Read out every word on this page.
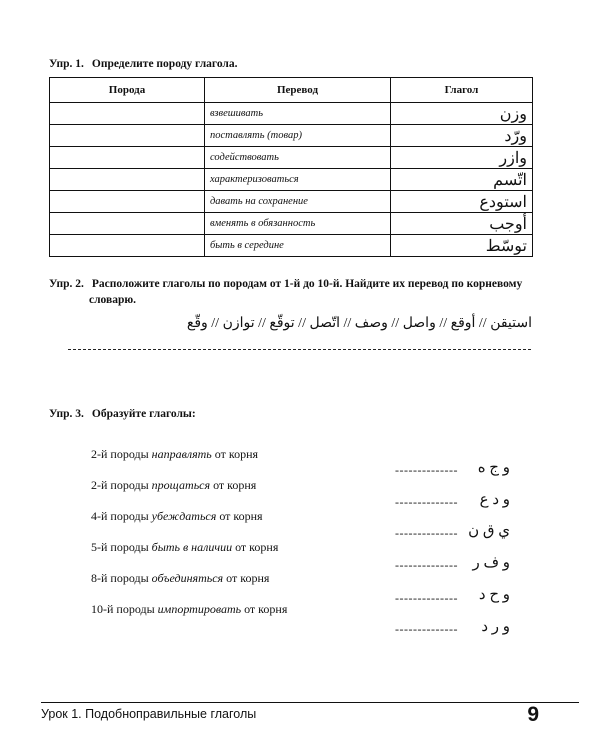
Упр. 1. Определите породу глагола.
Порода	Перевод	Глагол
	взвешивать	وزن
	поставлять (товар)	ورّد
	содействовать	وازر
	характеризоваться	اتّسم
	давать на сохранение	استودع
	вменять в обязанность	أوجب
	быть в середине	توسّط
Упр. 2. Расположите глаголы по породам от 1-й до 10-й. Найдите их перевод по корневому
словарю.
استيقن // أوقع // واصل // وصف // اتّصل // توقّع // توازن // وقّع
Упр. 3. Образуйте глаголы:
2-й породы направлять от корня
-------------- و ج ه
2-й породы прощаться от корня
-------------- و د ع
4-й породы убеждаться от корня
-------------- ي ق ن
5-й породы быть в наличии от корня
-------------- و ف ر
8-й породы объединяться от корня
-------------- و ح د
10-й породы импортировать от корня
-------------- و ر د
Урок 1. Подобноправильные глаголы	9
